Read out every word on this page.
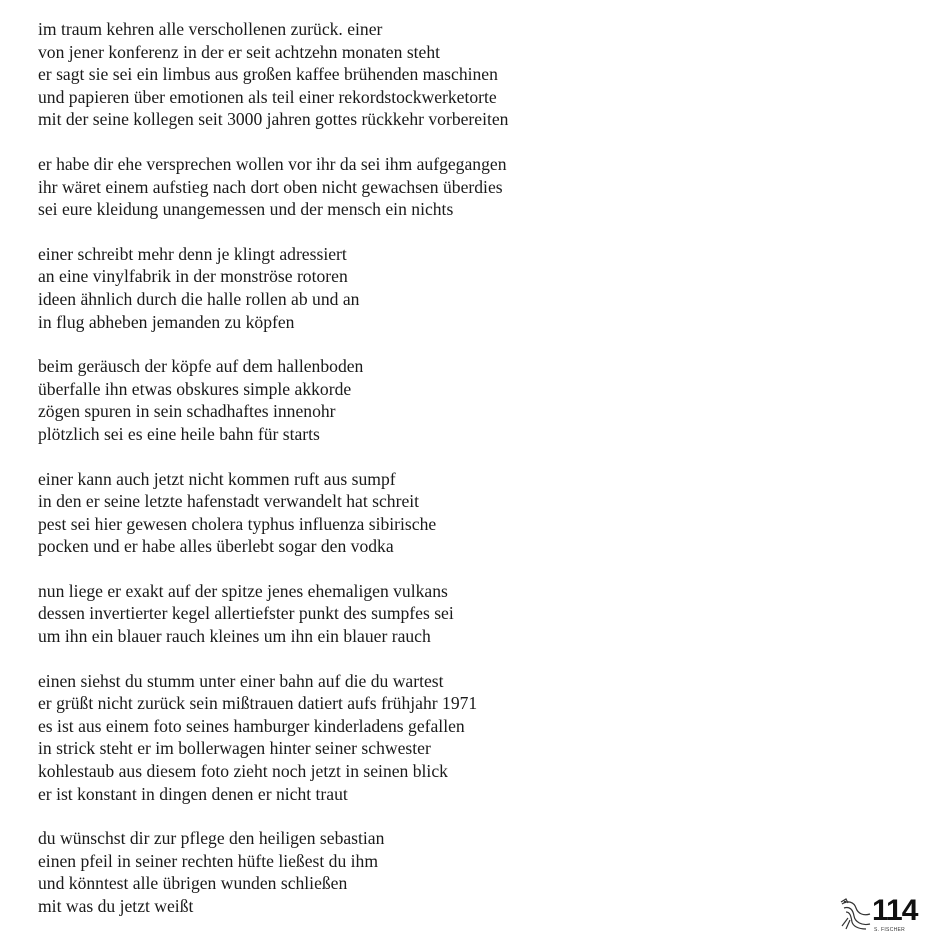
im traum kehren alle verschollenen zurück. einer
von jener konferenz in der er seit achtzehn monaten steht
er sagt sie sei ein limbus aus großen kaffee brühenden maschinen
und papieren über emotionen als teil einer rekordstockwerketorte
mit der seine kollegen seit 3000 jahren gottes rückkehr vorbereiten
er habe dir ehe versprechen wollen vor ihr da sei ihm aufgegangen
ihr wäret einem aufstieg nach dort oben nicht gewachsen überdies
sei eure kleidung unangemessen und der mensch ein nichts
einer schreibt mehr denn je klingt adressiert
an eine vinylfabrik in der monströse rotoren
ideen ähnlich durch die halle rollen ab und an
in flug abheben jemanden zu köpfen
beim geräusch der köpfe auf dem hallenboden
überfalle ihn etwas obskures simple akkorde
zögen spuren in sein schadhaftes innenohr
plötzlich sei es eine heile bahn für starts
einer kann auch jetzt nicht kommen ruft aus sumpf
in den er seine letzte hafenstadt verwandelt hat schreit
pest sei hier gewesen cholera typhus influenza sibirische
pocken und er habe alles überlebt sogar den vodka
nun liege er exakt auf der spitze jenes ehemaligen vulkans
dessen invertierter kegel allertiefster punkt des sumpfes sei
um ihn ein blauer rauch kleines um ihn ein blauer rauch
einen siehst du stumm unter einer bahn auf die du wartest
er grüßt nicht zurück sein mißtrauen datiert aufs frühjahr 1971
es ist aus einem foto seines hamburger kinderladens gefallen
in strick steht er im bollerwagen hinter seiner schwester
kohlestaub aus diesem foto zieht noch jetzt in seinen blick
er ist konstant in dingen denen er nicht traut
du wünschst dir zur pflege den heiligen sebastian
einen pfeil in seiner rechten hüfte ließest du ihm
und könntest alle übrigen wunden schließen
mit was du jetzt weißt	114
S. FISCHER
